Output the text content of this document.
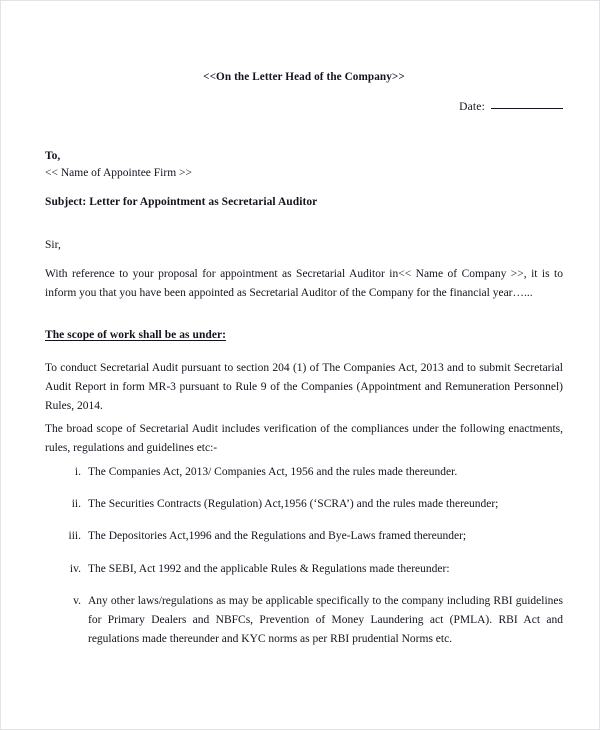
<<On the Letter Head of the Company>>
Date:
To,
<< Name of Appointee Firm >>
Subject: Letter for Appointment as Secretarial Auditor
Sir,
With reference to your proposal for appointment as Secretarial Auditor in<< Name of Company >>, it is to inform you that you have been appointed as Secretarial Auditor of the Company for the financial year…...
The scope of work shall be as under:
To conduct Secretarial Audit pursuant to section 204 (1) of The Companies Act, 2013 and to submit Secretarial Audit Report in form MR-3 pursuant to Rule 9 of the Companies (Appointment and Remuneration Personnel) Rules, 2014.
The broad scope of Secretarial Audit includes verification of the compliances under the following enactments, rules, regulations and guidelines etc:-
i. The Companies Act, 2013/ Companies Act, 1956 and the rules made thereunder.
ii. The Securities Contracts (Regulation) Act,1956 (‘SCRA’) and the rules made thereunder;
iii. The Depositories Act,1996 and the Regulations and Bye-Laws framed thereunder;
iv. The SEBI, Act 1992 and the applicable Rules & Regulations made thereunder:
v. Any other laws/regulations as may be applicable specifically to the company including RBI guidelines for Primary Dealers and NBFCs, Prevention of Money Laundering act (PMLA). RBI Act and regulations made thereunder and KYC norms as per RBI prudential Norms etc.
